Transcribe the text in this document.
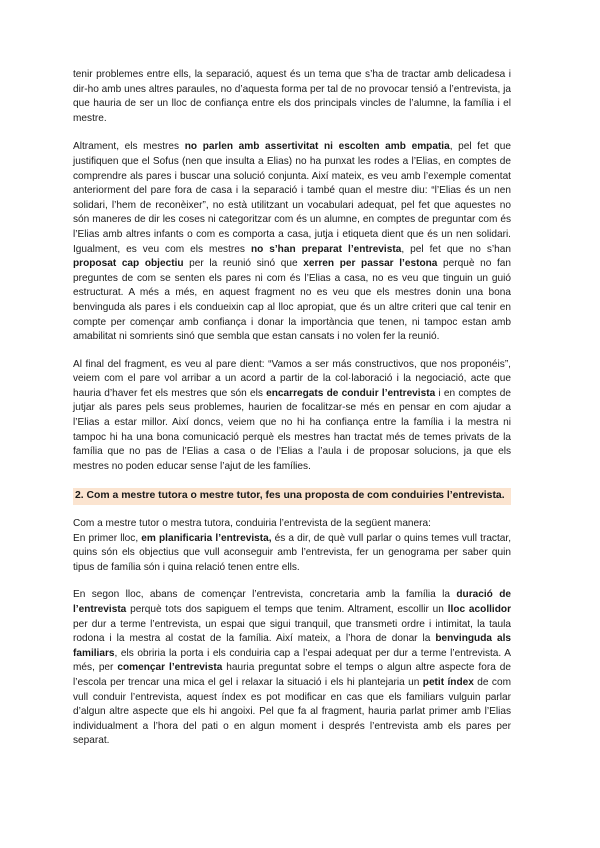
tenir problemes entre ells, la separació, aquest és un tema que s’ha de tractar amb delicadesa i dir-ho amb unes altres paraules, no d’aquesta forma per tal de no provocar tensió a l’entrevista, ja que hauria de ser un lloc de confiança entre els dos principals vincles de l’alumne, la família i el mestre.

Altrament, els mestres no parlen amb assertivitat ni escolten amb empatia, pel fet que justifiquen que el Sofus (nen que insulta a Elias) no ha punxat les rodes a l’Elias, en comptes de comprendre als pares i buscar una solució conjunta. Així mateix, es veu amb l’exemple comentat anteriorment del pare fora de casa i la separació i també quan el mestre diu: “l’Elias és un nen solidari, l’hem de reconèixer”, no està utilitzant un vocabulari adequat, pel fet que aquestes no són maneres de dir les coses ni categoritzar com és un alumne, en comptes de preguntar com és l’Elias amb altres infants o com es comporta a casa, jutja i etiqueta dient que és un nen solidari. Igualment, es veu com els mestres no s’han preparat l’entrevista, pel fet que no s’han proposat cap objectiu per la reunió sinó que xerren per passar l’estona perquè no fan preguntes de com se senten els pares ni com és l’Elias a casa, no es veu que tinguin un guió estructurat. A més a més, en aquest fragment no es veu que els mestres donin una bona benvinguda als pares i els condueixin cap al lloc apropiat, que és un altre criteri que cal tenir en compte per començar amb confiança i donar la importància que tenen, ni tampoc estan amb amabilitat ni somrients sinó que sembla que estan cansats i no volen fer la reunió.

Al final del fragment, es veu al pare dient: “Vamos a ser más constructivos, que nos proponéis”, veiem com el pare vol arribar a un acord a partir de la col·laboració i la negociació, acte que hauria d’haver fet els mestres que són els encarregats de conduir l’entrevista i en comptes de jutjar als pares pels seus problemes, haurien de focalitzar-se més en pensar en com ajudar a l’Elias a estar millor. Així doncs, veiem que no hi ha confiança entre la família i la mestra ni tampoc hi ha una bona comunicació perquè els mestres han tractat més de temes privats de la família que no pas de l’Elias a casa o de l’Elias a l’aula i de proposar solucions, ja que els mestres no poden educar sense l’ajut de les famílies.

2. Com a mestre tutora o mestre tutor, fes una proposta de com conduiries l’entrevista.

Com a mestre tutor o mestra tutora, conduiria l’entrevista de la següent manera:

En primer lloc, em planificaria l’entrevista, és a dir, de què vull parlar o quins temes vull tractar, quins són els objectius que vull aconseguir amb l’entrevista, fer un genograma per saber quin tipus de família són i quina relació tenen entre ells.

En segon lloc, abans de començar l’entrevista, concretaria amb la família la duració de l’entrevista perquè tots dos sapiguem el temps que tenim. Altrament, escollir un lloc acollidor per dur a terme l’entrevista, un espai que sigui tranquil, que transmeti ordre i intimitat, la taula rodona i la mestra al costat de la família. Així mateix, a l’hora de donar la benvinguda als familiars, els obriria la porta i els conduiria cap a l’espai adequat per dur a terme l’entrevista. A més, per començar l’entrevista hauria preguntat sobre el temps o algun altre aspecte fora de l’escola per trencar una mica el gel i relaxar la situació i els hi plantejaria un petit índex de com vull conduir l’entrevista, aquest índex es pot modificar en cas que els familiars vulguin parlar d’algun altre aspecte que els hi angoixi. Pel que fa al fragment, hauria parlat primer amb l’Elias individualment a l’hora del pati o en algun moment i després l’entrevista amb els pares per separat.
